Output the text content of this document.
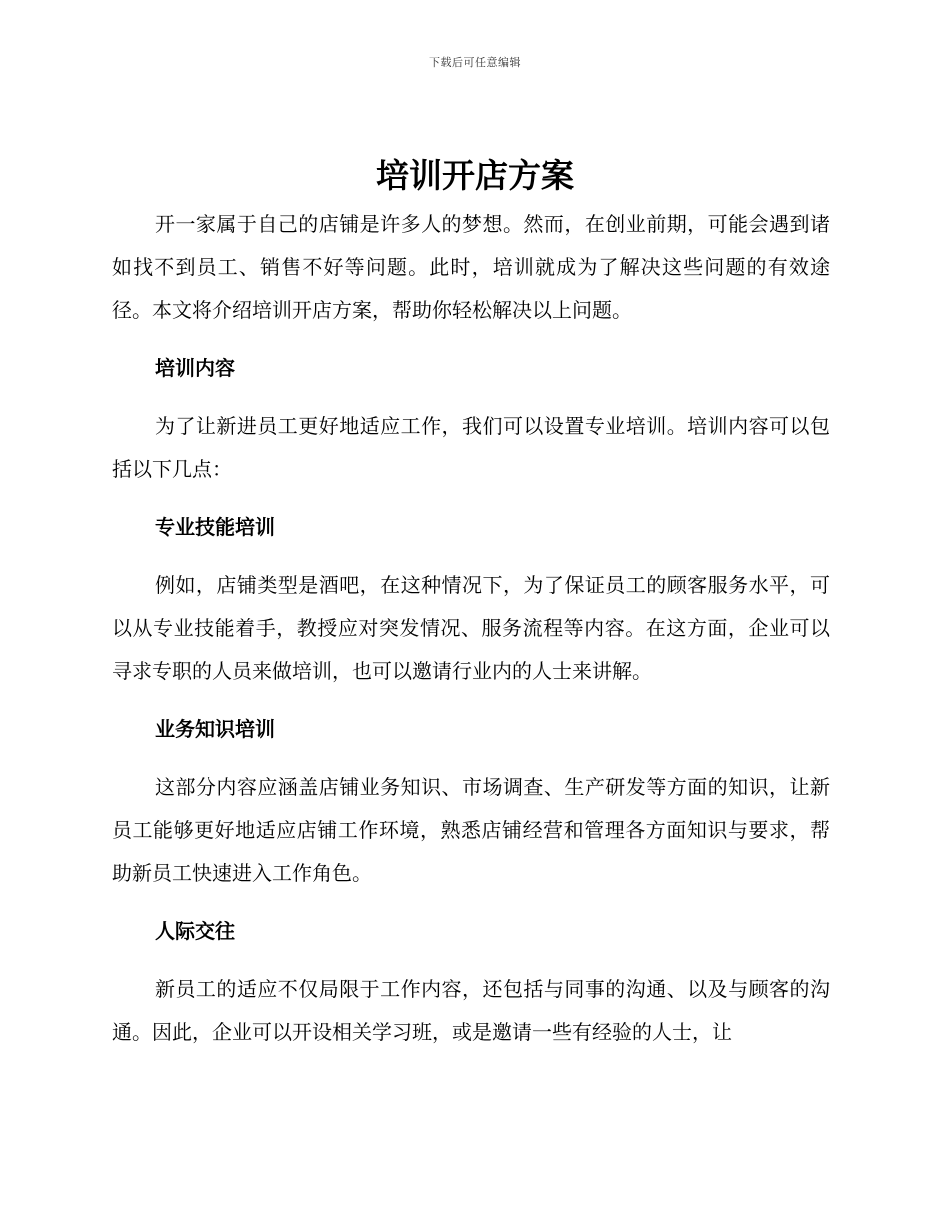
下载后可任意编辑
培训开店方案

开一家属于自己的店铺是许多人的梦想。然而，在创业前期，可能会遇到诸如找不到员工、销售不好等问题。此时，培训就成为了解决这些问题的有效途径。本文将介绍培训开店方案，帮助你轻松解决以上问题。

培训内容

为了让新进员工更好地适应工作，我们可以设置专业培训。培训内容可以包括以下几点：

专业技能培训

例如，店铺类型是酒吧，在这种情况下，为了保证员工的顾客服务水平，可以从专业技能着手，教授应对突发情况、服务流程等内容。在这方面，企业可以寻求专职的人员来做培训，也可以邀请行业内的人士来讲解。

业务知识培训

这部分内容应涵盖店铺业务知识、市场调查、生产研发等方面的知识，让新员工能够更好地适应店铺工作环境，熟悉店铺经营和管理各方面知识与要求，帮助新员工快速进入工作角色。

人际交往

新员工的适应不仅局限于工作内容，还包括与同事的沟通、以及与顾客的沟通。因此，企业可以开设相关学习班，或是邀请一些有经验的人士，让
